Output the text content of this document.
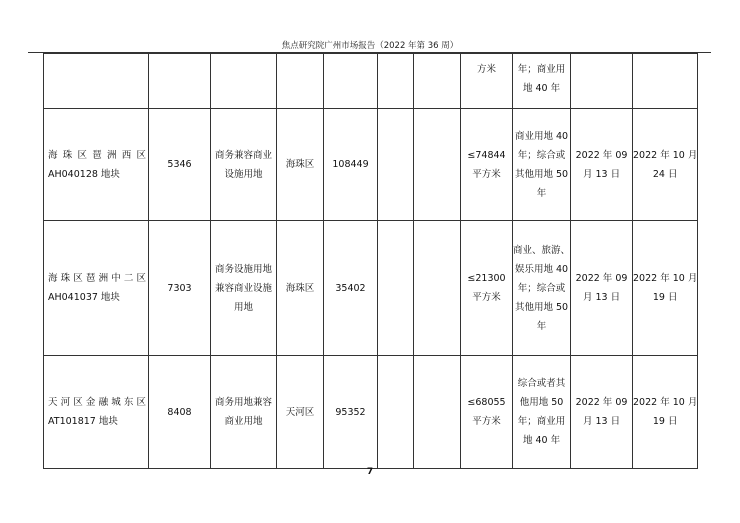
焦点研究院广州市场报告（2022 年第 36 周）

							方米	年；商业用
地 40 年		

海 珠 区 琶 洲 西 区
AH040128 地块	5346	商务兼容商业
设施用地	海珠区	108449			≤74844
平方米	商业用地 40
年；综合或
其他用地 50
年	2022 年 09
月 13 日	2022 年 10 月
24 日

海珠区琶洲中二区
AH041037 地块	7303	商务设施用地
兼容商业设施
用地	海珠区	35402			≤21300
平方米	商业、旅游、
娱乐用地 40
年；综合或
其他用地 50
年	2022 年 09
月 13 日	2022 年 10 月
19 日

天河区金融城东区
AT101817 地块	8408	商务用地兼容
商业用地	天河区	95352			≤68055
平方米	综合或者其
他用地 50
年；商业用
地 40 年	2022 年 09
月 13 日	2022 年 10 月
19 日
7
